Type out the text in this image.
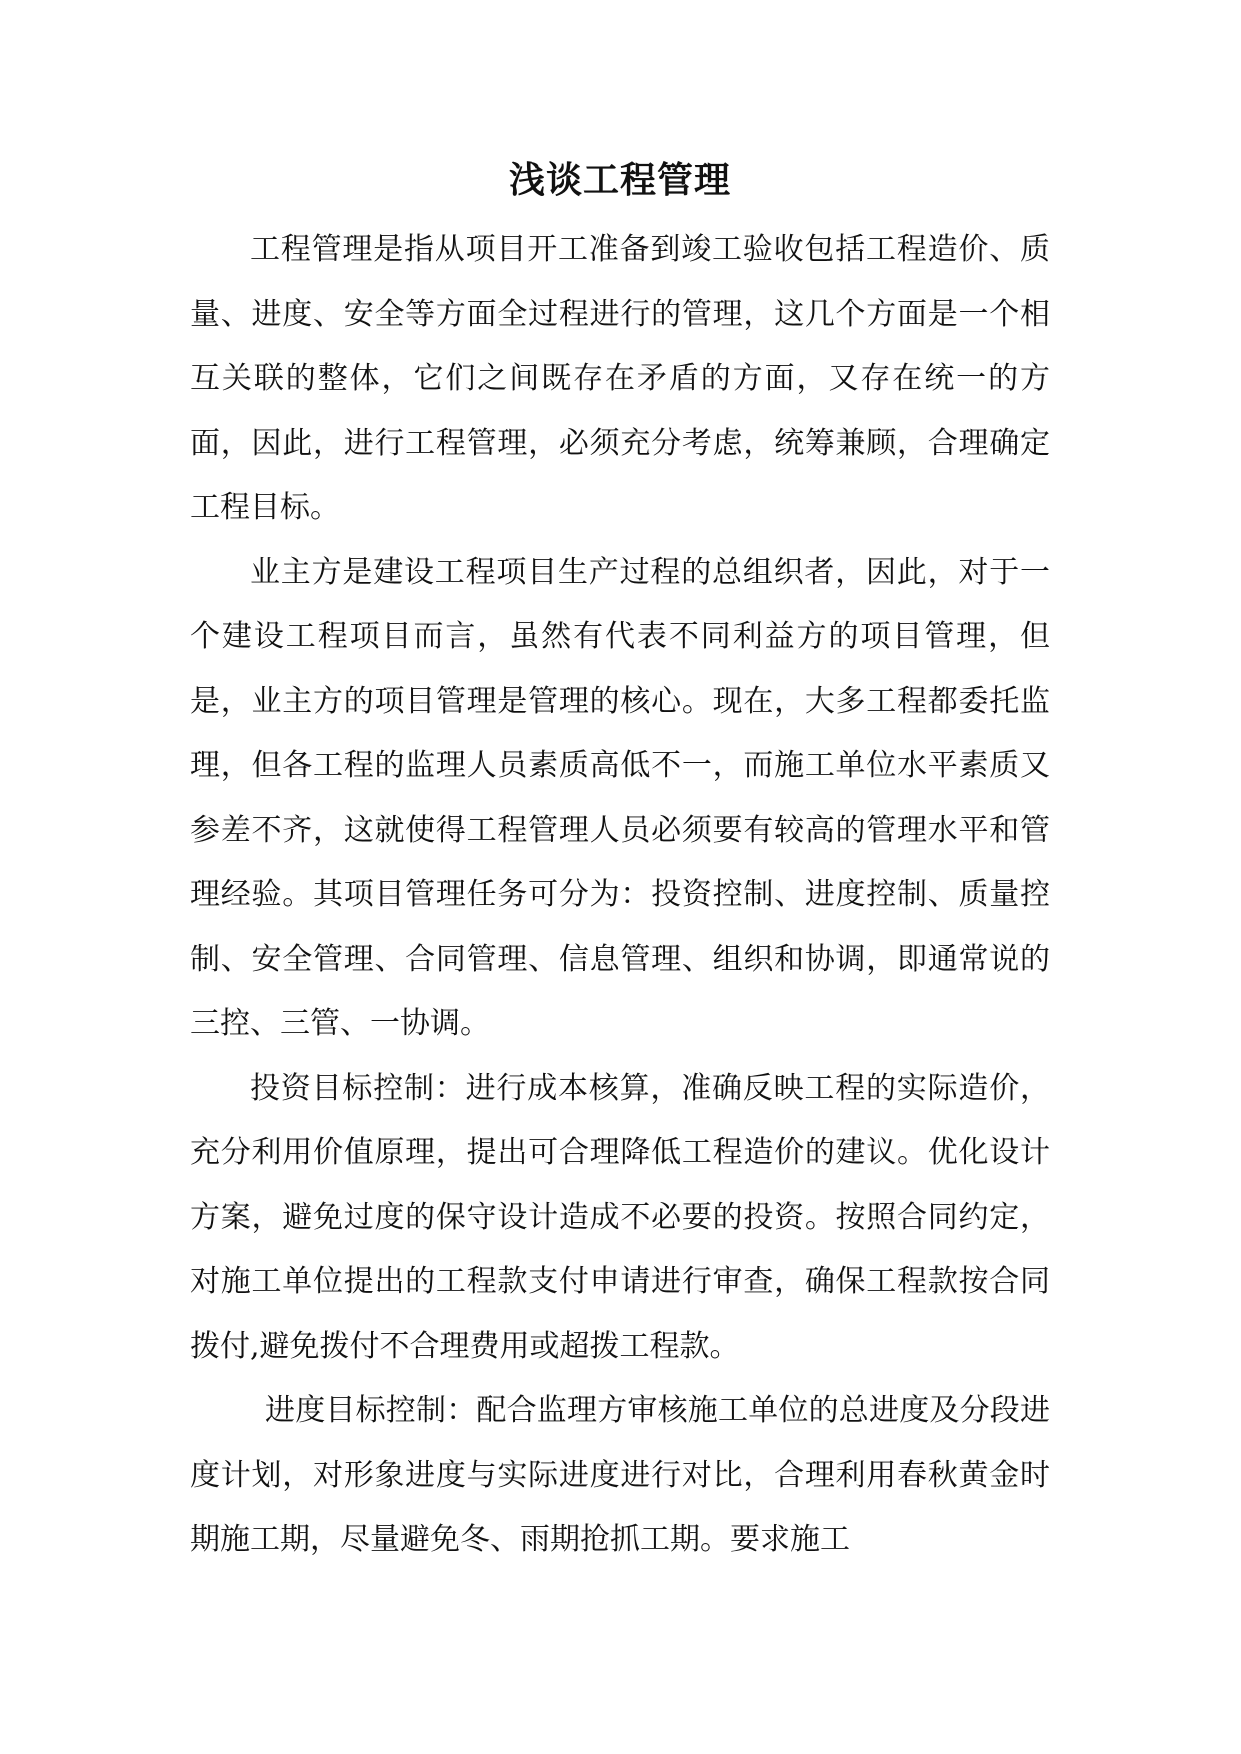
浅谈工程管理

工程管理是指从项目开工准备到竣工验收包括工程造价、质量、进度、安全等方面全过程进行的管理，这几个方面是一个相互关联的整体，它们之间既存在矛盾的方面，又存在统一的方面，因此，进行工程管理，必须充分考虑，统筹兼顾，合理确定工程目标。

业主方是建设工程项目生产过程的总组织者，因此，对于一个建设工程项目而言，虽然有代表不同利益方的项目管理，但是，业主方的项目管理是管理的核心。现在，大多工程都委托监理，但各工程的监理人员素质高低不一，而施工单位水平素质又参差不齐，这就使得工程管理人员必须要有较高的管理水平和管理经验。其项目管理任务可分为：投资控制、进度控制、质量控制、安全管理、合同管理、信息管理、组织和协调，即通常说的三控、三管、一协调。

投资目标控制：进行成本核算，准确反映工程的实际造价，充分利用价值原理，提出可合理降低工程造价的建议。优化设计方案，避免过度的保守设计造成不必要的投资。按照合同约定，对施工单位提出的工程款支付申请进行审查，确保工程款按合同拨付,避免拨付不合理费用或超拨工程款。

进度目标控制：配合监理方审核施工单位的总进度及分段进度计划，对形象进度与实际进度进行对比，合理利用春秋黄金时期施工期，尽量避免冬、雨期抢抓工期。要求施工
